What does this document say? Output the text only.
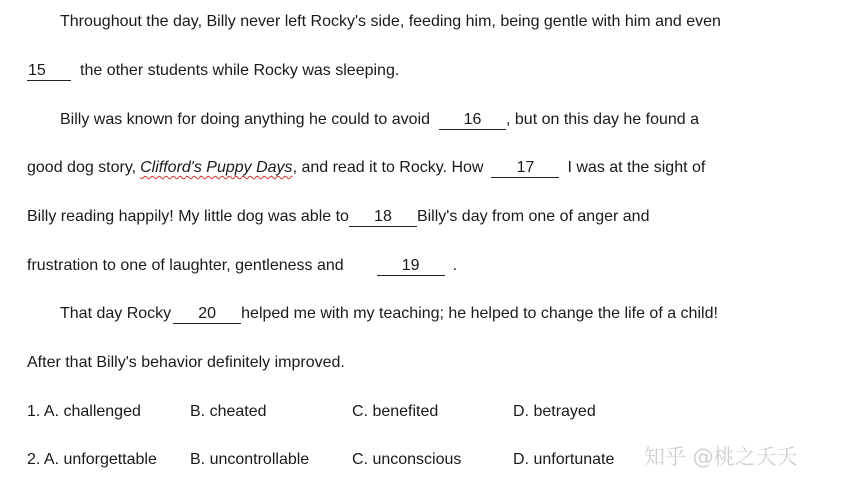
Throughout the day, Billy never left Rocky's side, feeding him, being gentle with him and even
15 the other students while Rocky was sleeping.
Billy was known for doing anything he could to avoid 16 , but on this day he found a
good dog story, Clifford's Puppy Days, and read it to Rocky. How 17 I was at the sight of
Billy reading happily! My little dog was able to 18 Billy's day from one of anger and
frustration to one of laughter, gentleness and	19 .
That day Rocky 20 helped me with my teaching; he helped to change the life of a child!
After that Billy's behavior definitely improved.
1. A. challenged	B. cheated	C. benefited	D. betrayed
2. A. unforgettable B. uncontrollable	C. unconscious	D. unfortunate 知乎 @桃之夭夭
